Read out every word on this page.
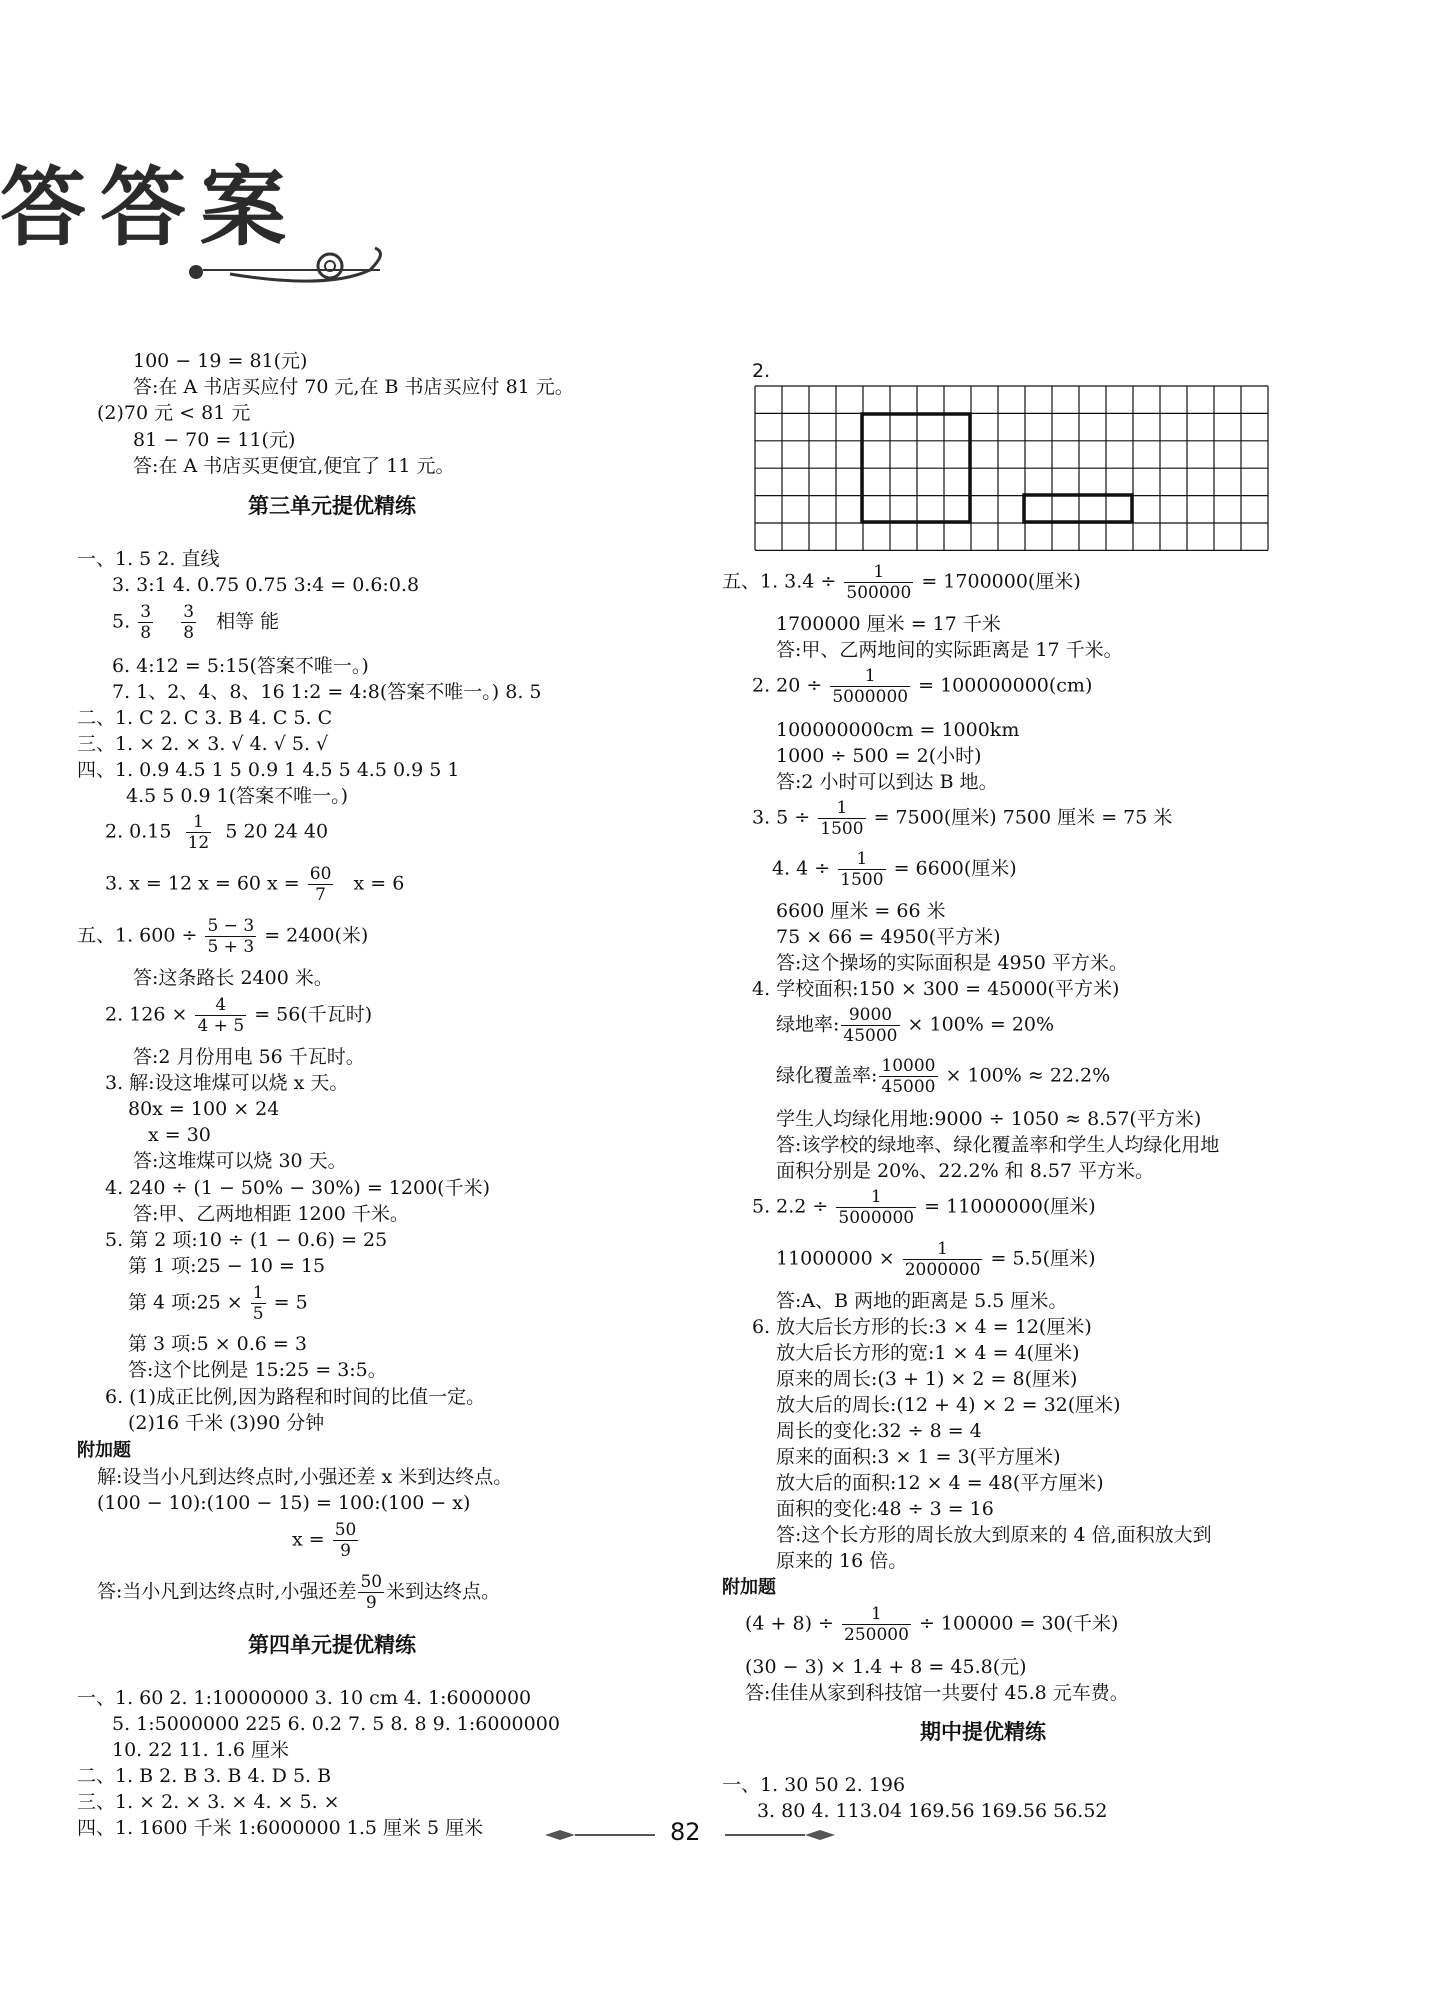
答答案
100 − 19 = 81(元)
答:在 A 书店买应付 70 元,在 B 书店买应付 81 元。
(2)70 元 < 81 元
81 − 70 = 11(元)
答:在 A 书店买更便宜,便宜了 11 元。
第三单元提优精练
一、1. 5 2. 直线
3. 3:1 4. 0.75 0.75 3:4 = 0.6:0.8
5. $\frac{3}{8}$
$\frac{3}{8}$ 相等 能
6. 4:12 = 5:15(答案不唯一。)
7. 1、2、4、8、16 1:2 = 4:8(答案不唯一。) 8. 5
二、1. C 2. C 3. B 4. C 5. C
三、1. × 2. × 3. √ 4. √ 5. √
四、1. 0.9 4.5 1 5 0.9 1 4.5 5 4.5 0.9 5 1
4.5 5 0.9 1(答案不唯一。)
2. $0.15 \frac{1}{12} 5$ 20 24 40
3. x = 12 x = 60 $x = \frac{60}{7}$ x = 6
五、1. $600 \div \frac{5 - 3}{5 + 3} = 2400$(米)
答:这条路长 2400 米。
2. $126 \times \frac{4}{4 + 5} = 56$(千瓦时)
答:2 月份用电 56 千瓦时。
3. 解:设这堆煤可以烧 x 天。
80x = 100 × 24
x = 30
答:这堆煤可以烧 30 天。
4. 240 ÷ (1 − 50% − 30%) = 1200(千米)
答:甲、乙两地相距 1200 千米。
5. 第 2 项:10 ÷ (1 − 0.6) = 25
第 1 项:25 − 10 = 15
第 4 项:25 × $\frac{1}{5} = 5$
第 3 项:5 × 0.6 = 3
答:这个比例是 15:25 = 3:5。
6. (1)成正比例,因为路程和时间的比值一定。
(2)16 千米 (3)90 分钟
附加题
解:设当小凡到达终点时,小强还差 x 米到达终点。
(100 − 10):(100 − 15) = 100:(100 − x)
$x = \frac{50}{9}$
答:当小凡到达终点时,小强还差 $\frac{50}{9}$ 米到达终点。
第四单元提优精练
一、1. 60 2. 1:10000000 3. 10 cm 4. 1:6000000
5. 1:5000000 225 6. 0.2 7. 5 8. 8 9. 1:6000000
10. 22 11. 1.6 厘米
二、1. B 2. B 3. B 4. D 5. B
三、1. × 2. × 3. × 4. × 5. ×
四、1. 1600 千米 1:6000000 1.5 厘米 5 厘米
2.
五、1. $3.4 \div \frac{1}{500000} = 1700000$(厘米)
1700000 厘米 = 17 千米
答:甲、乙两地间的实际距离是 17 千米。
2. $20 \div \frac{1}{5000000} = 100000000(cm)$
100000000cm = 1000km
1000 ÷ 500 = 2(小时)
答:2 小时可以到达 B 地。
3. $5 \div \frac{1}{1500} = 7500$(厘米) 7500 厘米 = 75 米
4. $4 \div \frac{1}{1500} = 6600$(厘米)
6600 厘米 = 66 米
75 × 66 = 4950(平方米)
答:这个操场的实际面积是 4950 平方米。
4. 学校面积:150 × 300 = 45000(平方米)
绿地率: $\frac{9000}{45000} \times 100\% = 20\%$
绿化覆盖率: $\frac{10000}{45000} \times 100\% \approx 22.2\%$
学生人均绿化用地:9000 ÷ 1050 ≈ 8.57(平方米)
答:该学校的绿地率、绿化覆盖率和学生人均绿化用地
面积分别是 20%、22.2% 和 8.57 平方米。
5. $2.2 \div \frac{1}{5000000} = 11000000$(厘米)
$11000000 \times \frac{1}{2000000} = 5.5$(厘米)
答:A、B 两地的距离是 5.5 厘米。
6. 放大后长方形的长:3 × 4 = 12(厘米)
放大后长方形的宽:1 × 4 = 4(厘米)
原来的周长:(3 + 1) × 2 = 8(厘米)
放大后的周长:(12 + 4) × 2 = 32(厘米)
周长的变化:32 ÷ 8 = 4
原来的面积:3 × 1 = 3(平方厘米)
放大后的面积:12 × 4 = 48(平方厘米)
面积的变化:48 ÷ 3 = 16
答:这个长方形的周长放大到原来的 4 倍,面积放大到
原来的 16 倍。
附加题
$(4 + 8) \div \frac{1}{250000} \div 100000 = 30$(千米)
(30 − 3) × 1.4 + 8 = 45.8(元)
答:佳佳从家到科技馆一共要付 45.8 元车费。
期中提优精练
一、1. 30 50 2. 196
3. 80 4. 113.04 169.56 169.56 56.52
82
